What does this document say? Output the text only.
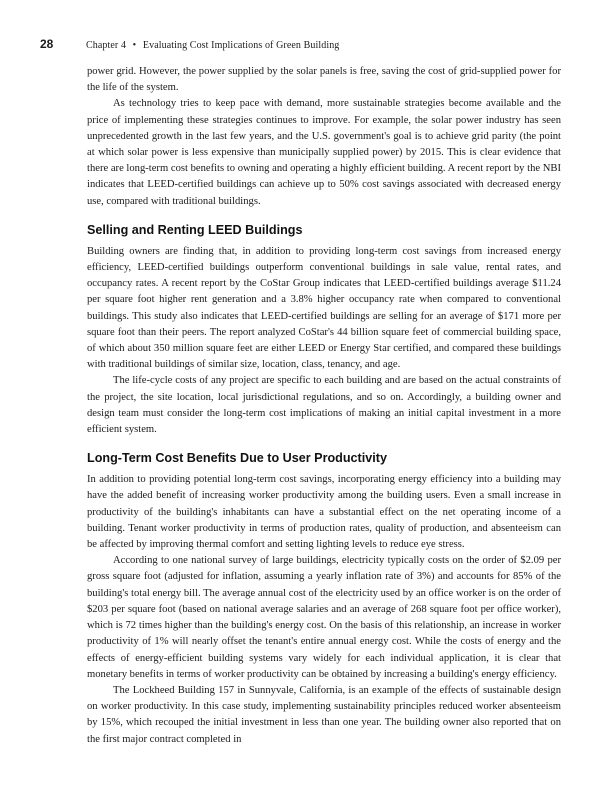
28	Chapter 4 • Evaluating Cost Implications of Green Building

power grid. However, the power supplied by the solar panels is free, saving the cost of grid-supplied power for the life of the system.

As technology tries to keep pace with demand, more sustainable strategies become available and the price of implementing these strategies continues to improve. For example, the solar power industry has seen unprecedented growth in the last few years, and the U.S. government's goal is to achieve grid parity (the point at which solar power is less expensive than municipally supplied power) by 2015. This is clear evidence that there are long-term cost benefits to owning and operating a highly efficient building. A recent report by the NBI indicates that LEED-certified buildings can achieve up to 50% cost savings associated with decreased energy use, compared with traditional buildings.

Selling and Renting LEED Buildings

Building owners are finding that, in addition to providing long-term cost savings from increased energy efficiency, LEED-certified buildings outperform conventional buildings in sale value, rental rates, and occupancy rates. A recent report by the CoStar Group indicates that LEED-certified buildings average $11.24 per square foot higher rent generation and a 3.8% higher occupancy rate when compared to conventional buildings. This study also indicates that LEED-certified buildings are selling for an average of $171 more per square foot than their peers. The report analyzed CoStar's 44 billion square feet of commercial building space, of which about 350 million square feet are either LEED or Energy Star certified, and compared these buildings with traditional buildings of similar size, location, class, tenancy, and age.

The life-cycle costs of any project are specific to each building and are based on the actual constraints of the project, the site location, local jurisdictional regulations, and so on. Accordingly, a building owner and design team must consider the long-term cost implications of making an initial capital investment in a more efficient system.

Long-Term Cost Benefits Due to User Productivity

In addition to providing potential long-term cost savings, incorporating energy efficiency into a building may have the added benefit of increasing worker productivity among the building users. Even a small increase in productivity of the building's inhabitants can have a substantial effect on the net operating income of a building. Tenant worker productivity in terms of production rates, quality of production, and absenteeism can be affected by improving thermal comfort and setting lighting levels to reduce eye stress.

According to one national survey of large buildings, electricity typically costs on the order of $2.09 per gross square foot (adjusted for inflation, assuming a yearly inflation rate of 3%) and accounts for 85% of the building's total energy bill. The average annual cost of the electricity used by an office worker is on the order of $203 per square foot (based on national average salaries and an average of 268 square foot per office worker), which is 72 times higher than the building's energy cost. On the basis of this relationship, an increase in worker productivity of 1% will nearly offset the tenant's entire annual energy cost. While the costs of energy and the effects of energy-efficient building systems vary widely for each individual application, it is clear that monetary benefits in terms of worker productivity can be obtained by increasing a building's energy efficiency.

The Lockheed Building 157 in Sunnyvale, California, is an example of the effects of sustainable design on worker productivity. In this case study, implementing sustainability principles reduced worker absenteeism by 15%, which recouped the initial investment in less than one year. The building owner also reported that on the first major contract completed in
